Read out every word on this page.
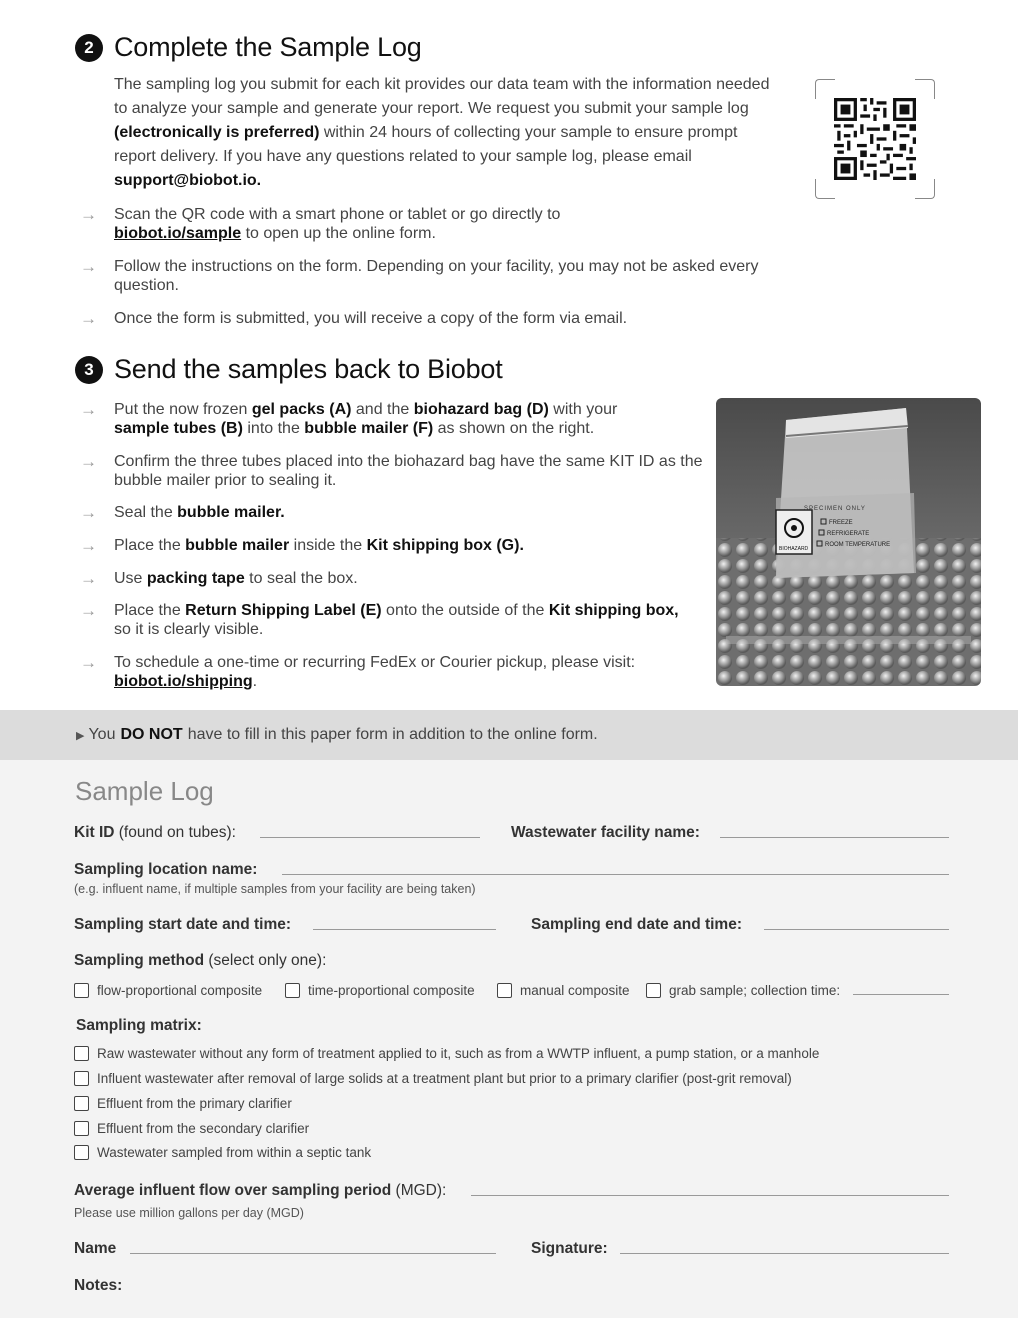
2 Complete the Sample Log

The sampling log you submit for each kit provides our data team with the information needed to analyze your sample and generate your report. We request you submit your sample log (electronically is preferred) within 24 hours of collecting your sample to ensure prompt report delivery. If you have any questions related to your sample log, please email support@biobot.io.

→	Scan the QR code with a smart phone or tablet or go directly to biobot.io/sample to open up the online form.
→	Follow the instructions on the form. Depending on your facility, you may not be asked every question.
→	Once the form is submitted, you will receive a copy of the form via email.
3 Send the samples back to Biobot
→	Put the now frozen gel packs (A) and the biohazard bag (D) with your sample tubes (B) into the bubble mailer (F) as shown on the right.
→	Confirm the three tubes placed into the biohazard bag have the same KIT ID as the bubble mailer prior to sealing it.
→	Seal the bubble mailer.
→	Place the bubble mailer inside the Kit shipping box (G).
→	Use packing tape to seal the box.
→	Place the Return Shipping Label (E) onto the outside of the Kit shipping box, so it is clearly visible.
→	To schedule a one-time or recurring FedEx or Courier pickup, please visit: biobot.io/shipping.
BIOHAZARD
SPECIMEN ONLY
FREEZE
REFRIGERATE
ROOM TEMPERATURE
▶ You DO NOT have to fill in this paper form in addition to the online form.
Sample Log
Kit ID (found on tubes):	Wastewater facility name:
Sampling location name:
(e.g. influent name, if multiple samples from your facility are being taken)
Sampling start date and time:	Sampling end date and time:
Sampling method (select only one):
flow-proportional composite	time-proportional composite	manual composite	grab sample; collection time:
Sampling matrix:
Raw wastewater without any form of treatment applied to it, such as from a WWTP influent, a pump station, or a manhole
Influent wastewater after removal of large solids at a treatment plant but prior to a primary clarifier (post-grit removal)
Effluent from the primary clarifier
Effluent from the secondary clarifier
Wastewater sampled from within a septic tank
Average influent flow over sampling period (MGD):
Please use million gallons per day (MGD)
Name	Signature:
Notes:
